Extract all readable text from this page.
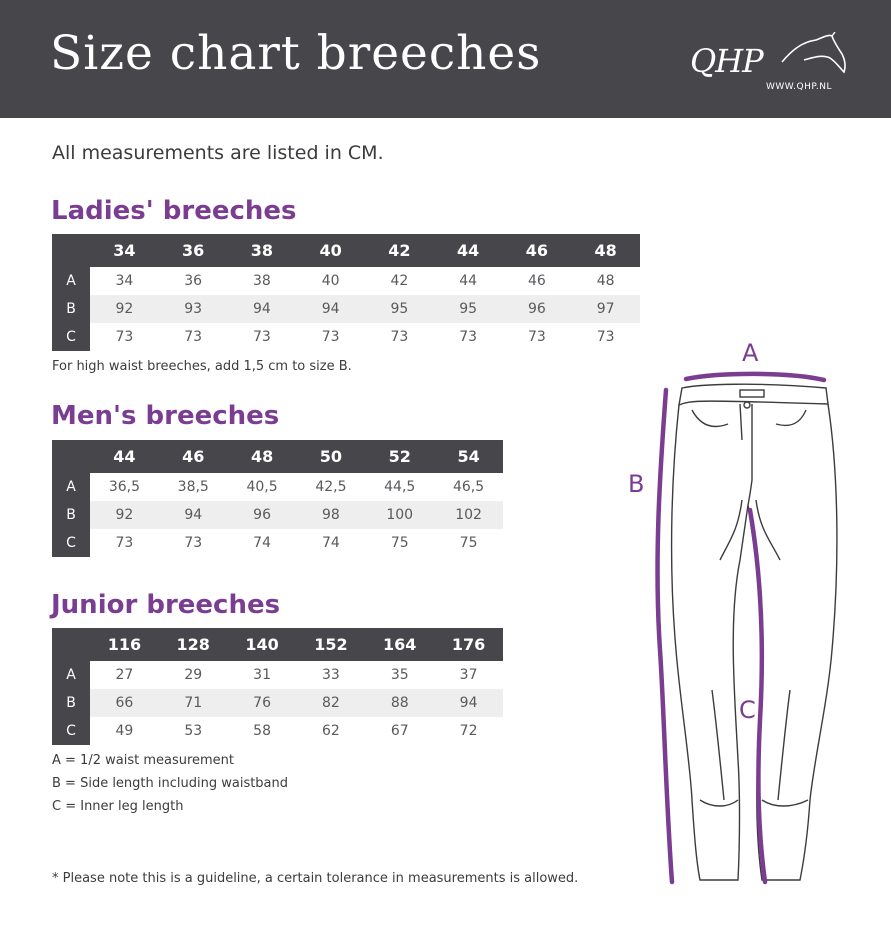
Size chart breeches	QHP
WWW.QHP.NL
All measurements are listed in CM.
Ladies' breeches
	34	36	38	40	42	44	46	48
A	34	36	38	40	42	44	46	48
B	92	93	94	94	95	95	96	97
C	73	73	73	73	73	73	73	73
For high waist breeches, add 1,5 cm to size B.
Men's breeches
	44	46	48	50	52	54
A	36,5	38,5	40,5	42,5	44,5	46,5
B	92	94	96	98	100	102
C	73	73	74	74	75	75
Junior breeches
	116	128	140	152	164	176
A	27	29	31	33	35	37
B	66	71	76	82	88	94
C	49	53	58	62	67	72
A = 1/2 waist measurement
B = Side length including waistband
C = Inner leg length
* Please note this is a guideline, a certain tolerance in measurements is allowed.
A
B
C
